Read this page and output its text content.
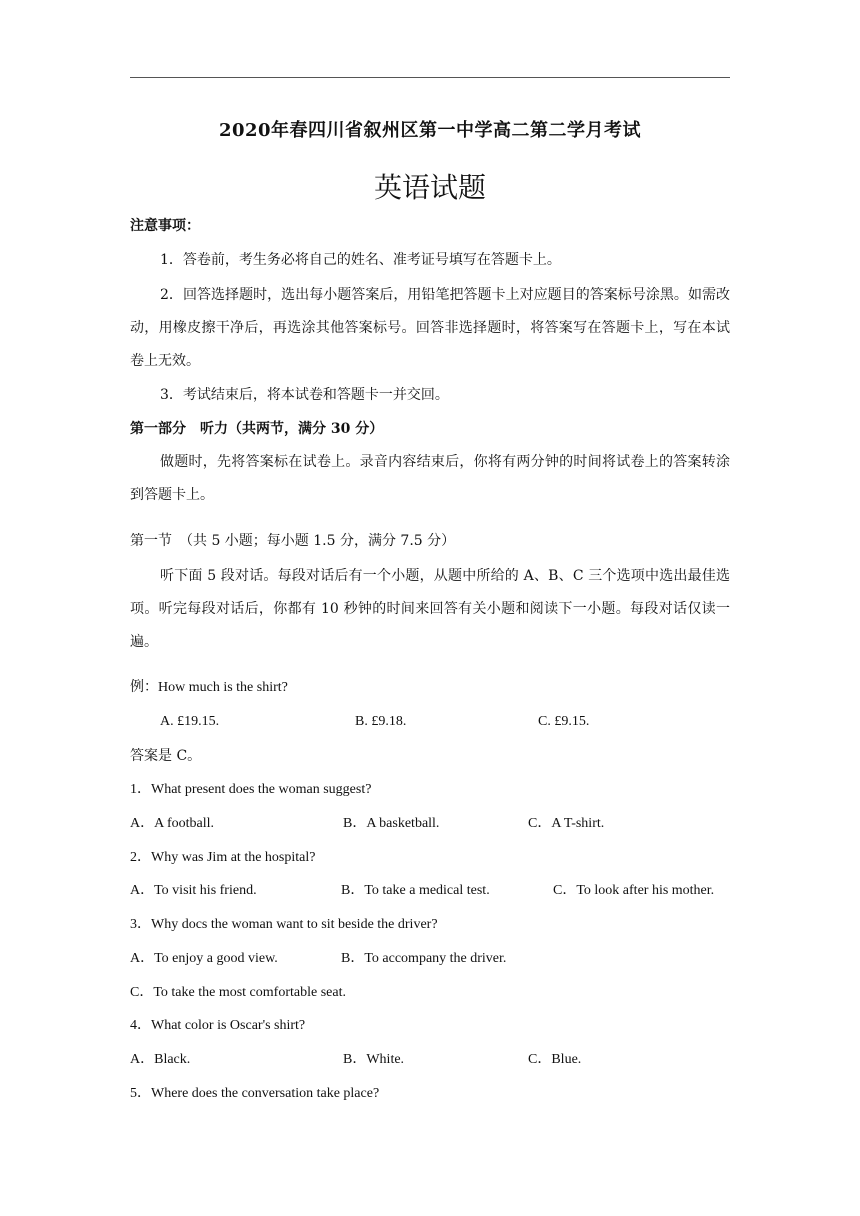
2020年春四川省叙州区第一中学高二第二学月考试
英语试题
注意事项：
1．答卷前，考生务必将自己的姓名、准考证号填写在答题卡上。
2．回答选择题时，选出每小题答案后，用铅笔把答题卡上对应题目的答案标号涂黑。如需改动，用橡皮擦干净后，再选涂其他答案标号。回答非选择题时，将答案写在答题卡上，写在本试卷上无效。
3．考试结束后，将本试卷和答题卡一并交回。
第一部分　听力（共两节，满分 30 分）
做题时，先将答案标在试卷上。录音内容结束后，你将有两分钟的时间将试卷上的答案转涂到答题卡上。
第一节　（共 5 小题；每小题 1.5 分，满分 7.5 分）
听下面 5 段对话。每段对话后有一个小题，从题中所给的 A、B、C 三个选项中选出最佳选项。听完每段对话后，你都有 10 秒钟的时间来回答有关小题和阅读下一小题。每段对话仅读一遍。
例：How much is the shirt?
A. £19.15.	B. £9.18.	C. £9.15.
答案是 C。
1．What present does the woman suggest?
A．A football.	B．A basketball.	C．A T-shirt.
2．Why was Jim at the hospital?
A．To visit his friend.	B．To take a medical test.	C．To look after his mother.
3．Why docs the woman want to sit beside the driver?
A．To enjoy a good view.	B．To accompany the driver.
C．To take the most comfortable seat.
4．What color is Oscar's shirt?
A．Black.	B．White.	C．Blue.
5．Where does the conversation take place?
